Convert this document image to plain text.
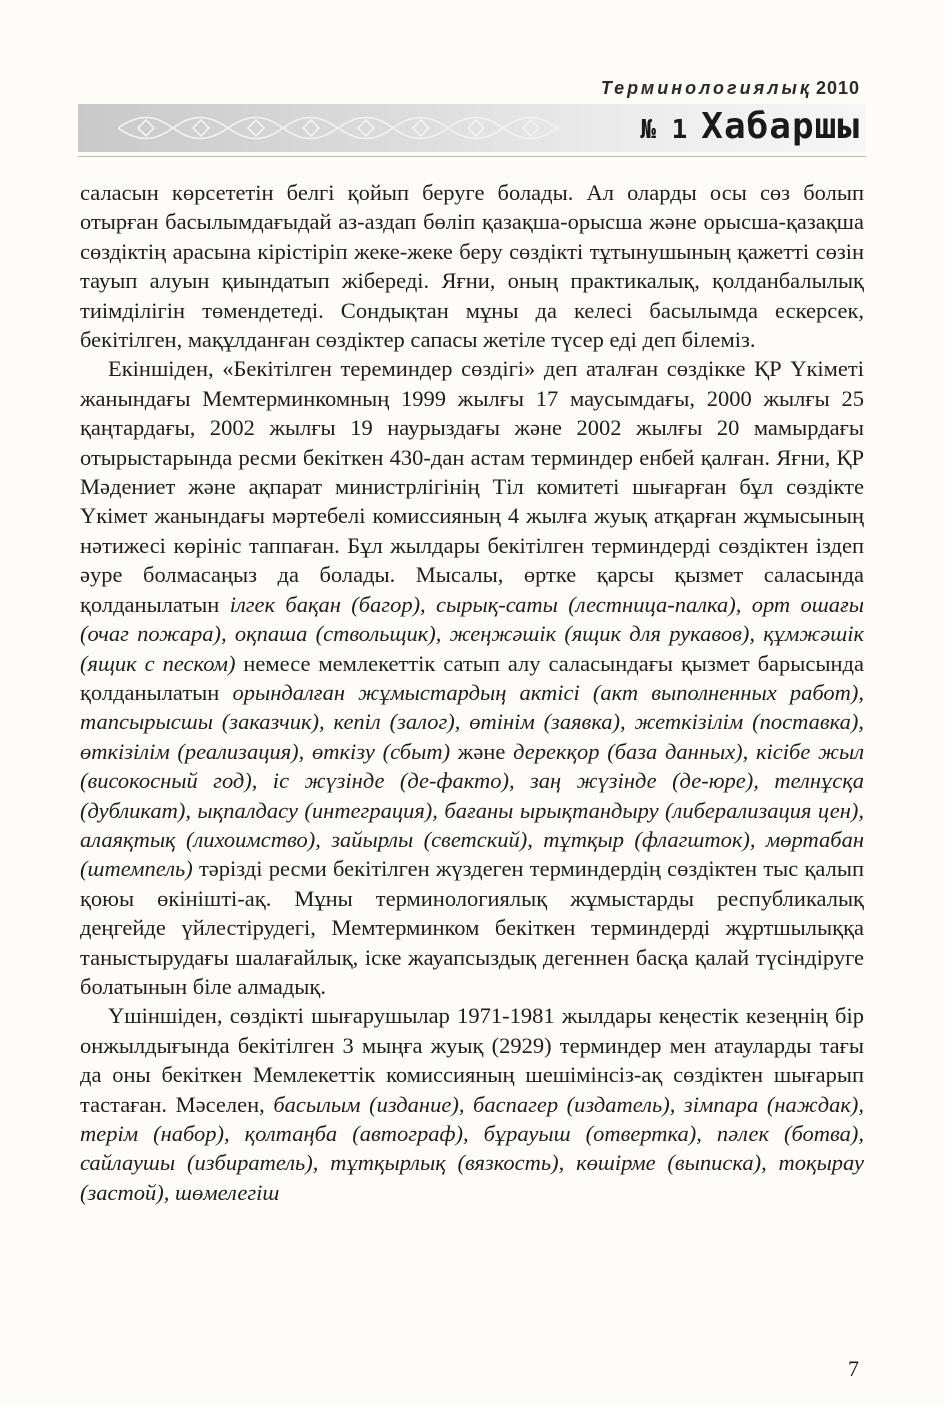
Терминологиялық 2010
№ 1 Хабаршы

саласын көрсететін белгі қойып беруге болады. Ал оларды осы сөз болып отырған басылымдағыдай аз-аздап бөліп қазақша-орысша және орысша-қазақша сөздіктің арасына кірістіріп жеке-жеке беру сөздікті тұтынушының қажетті сөзін тауып алуын қиындатып жібереді. Яғни, оның практикалық, қолданбалылық тиімділігін төмендетеді. Сондықтан мұны да келесі басылымда ескерсек, бекітілген, мақұлданған сөздіктер сапасы жетіле түсер еді деп білеміз.

Екіншіден, «Бекітілген тереминдер сөздігі» деп аталған сөздікке ҚР Үкіметі жанындағы Мемтерминкомның 1999 жылғы 17 маусымдағы, 2000 жылғы 25 қаңтардағы, 2002 жылғы 19 наурыздағы және 2002 жылғы 20 мамырдағы отырыстарында ресми бекіткен 430-дан астам терминдер енбей қалған. Яғни, ҚР Мәдениет және ақпарат министрлігінің Тіл комитеті шығарған бұл сөздікте Үкімет жанындағы мәртебелі комиссияның 4 жылға жуық атқарған жұмысының нәтижесі көрініс таппаған. Бұл жылдары бекітілген терминдерді сөздіктен іздеп әуре болмасаңыз да болады. Мысалы, өртке қарсы қызмет саласында қолданылатын ілгек бақан (багор), сырық-саты (лестница-палка), орт ошағы (очаг пожара), оқпаша (ствольщик), жеңжәшік (ящик для рукавов), құмжәшік (ящик с песком) немесе мемлекеттік сатып алу саласындағы қызмет барысында қолданылатын орындалған жұмыстардың актісі (акт выполненных работ), тапсырысшы (заказчик), кепіл (залог), өтінім (заявка), жеткізілім (поставка), өткізілім (реализация), өткізу (сбыт) және дерекқор (база данных), кісібе жыл (високосный год), іс жүзінде (де-факто), заң жүзінде (де-юре), телнұсқа (дубликат), ықпалдасу (интеграция), бағаны ырықтандыру (либерализация цен), алаяқтық (лихоимство), зайырлы (светский), тұтқыр (флагшток), мөртабан (штемпель) тәрізді ресми бекітілген жүздеген терминдердің сөздіктен тыс қалып қоюы өкінішті-ақ. Мұны терминологиялық жұмыстарды республикалық деңгейде үйлестірудегі, Мемтерминком бекіткен терминдерді жұртшылыққа таныстырудағы шалағайлық, іске жауапсыздық дегеннен басқа қалай түсіндіруге болатынын біле алмадық.

Үшіншіден, сөздікті шығарушылар 1971-1981 жылдары кеңестік кезеңнің бір онжылдығында бекітілген 3 мыңға жуық (2929) терминдер мен атауларды тағы да оны бекіткен Мемлекеттік комиссияның шешімінсіз-ақ сөздіктен шығарып тастаған. Мәселен, басылым (издание), баспагер (издатель), зімпара (наждак), терім (набор), қолтаңба (автограф), бұрауыш (отвертка), пәлек (ботва), сайлаушы (избиратель), тұтқырлық (вязкость), көшірме (выписка), тоқырау (застой), шөмелегіш

7
